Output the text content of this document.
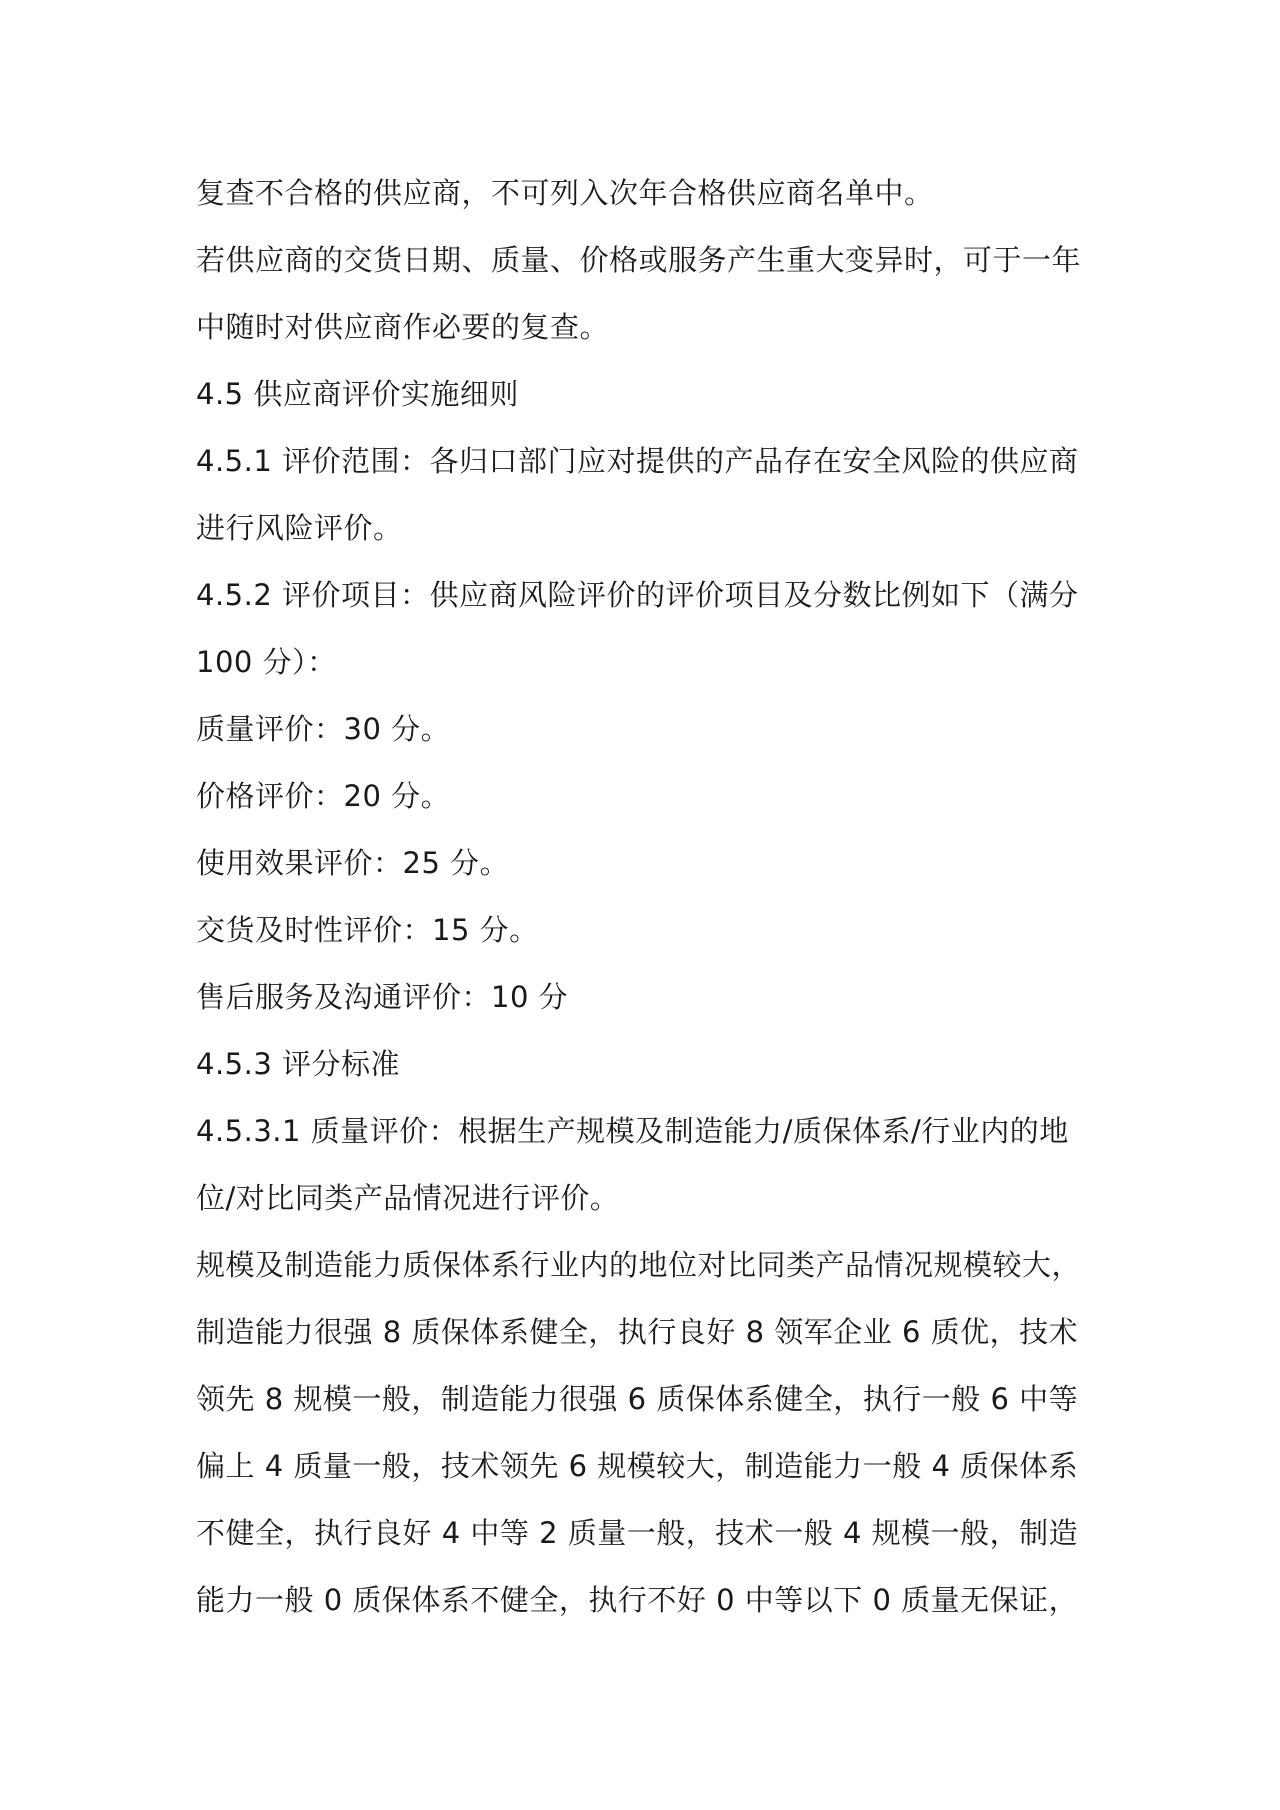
复查不合格的供应商，不可列入次年合格供应商名单中。
若供应商的交货日期、质量、价格或服务产生重大变异时，可于一年
中随时对供应商作必要的复查。
4.5 供应商评价实施细则
4.5.1 评价范围：各归口部门应对提供的产品存在安全风险的供应商
进行风险评价。
4.5.2 评价项目：供应商风险评价的评价项目及分数比例如下（满分
100 分）：
质量评价：30 分。
价格评价：20 分。
使用效果评价：25 分。
交货及时性评价：15 分。
售后服务及沟通评价：10 分
4.5.3 评分标准
4.5.3.1 质量评价：根据生产规模及制造能力/质保体系/行业内的地
位/对比同类产品情况进行评价。
规模及制造能力质保体系行业内的地位对比同类产品情况规模较大，
制造能力很强 8 质保体系健全，执行良好 8 领军企业 6 质优，技术
领先 8 规模一般，制造能力很强 6 质保体系健全，执行一般 6 中等
偏上 4 质量一般，技术领先 6 规模较大，制造能力一般 4 质保体系
不健全，执行良好 4 中等 2 质量一般，技术一般 4 规模一般，制造
能力一般 0 质保体系不健全，执行不好 0 中等以下 0 质量无保证，
